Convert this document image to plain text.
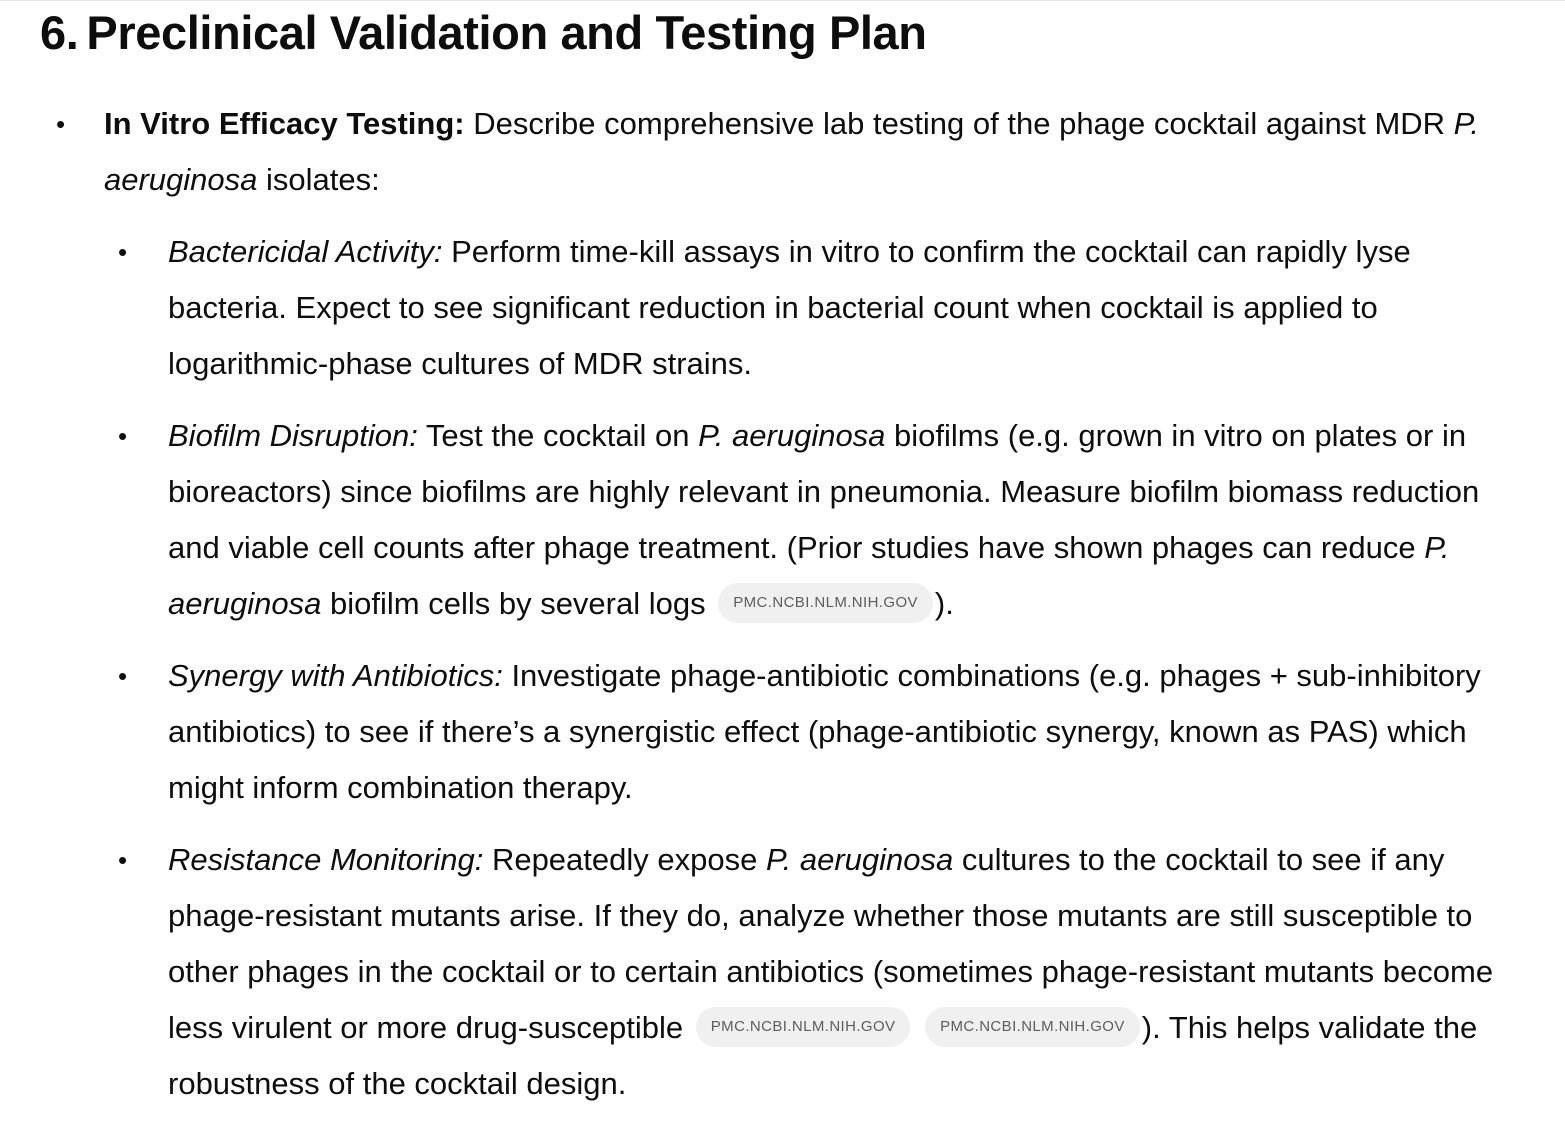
6. Preclinical Validation and Testing Plan
• In Vitro Efficacy Testing: Describe comprehensive lab testing of the phage cocktail against MDR P. aeruginosa isolates:

• Bactericidal Activity: Perform time-kill assays in vitro to confirm the cocktail can rapidly lyse bacteria. Expect to see significant reduction in bacterial count when cocktail is applied to logarithmic-phase cultures of MDR strains.

• Biofilm Disruption: Test the cocktail on P. aeruginosa biofilms (e.g. grown in vitro on plates or in bioreactors) since biofilms are highly relevant in pneumonia. Measure biofilm biomass reduction and viable cell counts after phage treatment. (Prior studies have shown phages can reduce P. aeruginosa biofilm cells by several logs PMC.NCBI.NLM.NIH.GOV ).

• Synergy with Antibiotics: Investigate phage-antibiotic combinations (e.g. phages + sub-inhibitory antibiotics) to see if there’s a synergistic effect (phage-antibiotic synergy, known as PAS) which might inform combination therapy.

• Resistance Monitoring: Repeatedly expose P. aeruginosa cultures to the cocktail to see if any phage-resistant mutants arise. If they do, analyze whether those mutants are still susceptible to other phages in the cocktail or to certain antibiotics (sometimes phage-resistant mutants become less virulent or more drug-susceptible PMC.NCBI.NLM.NIH.GOV	PMC.NCBI.NLM.NIH.GOV ). This helps validate the robustness of the cocktail design.
